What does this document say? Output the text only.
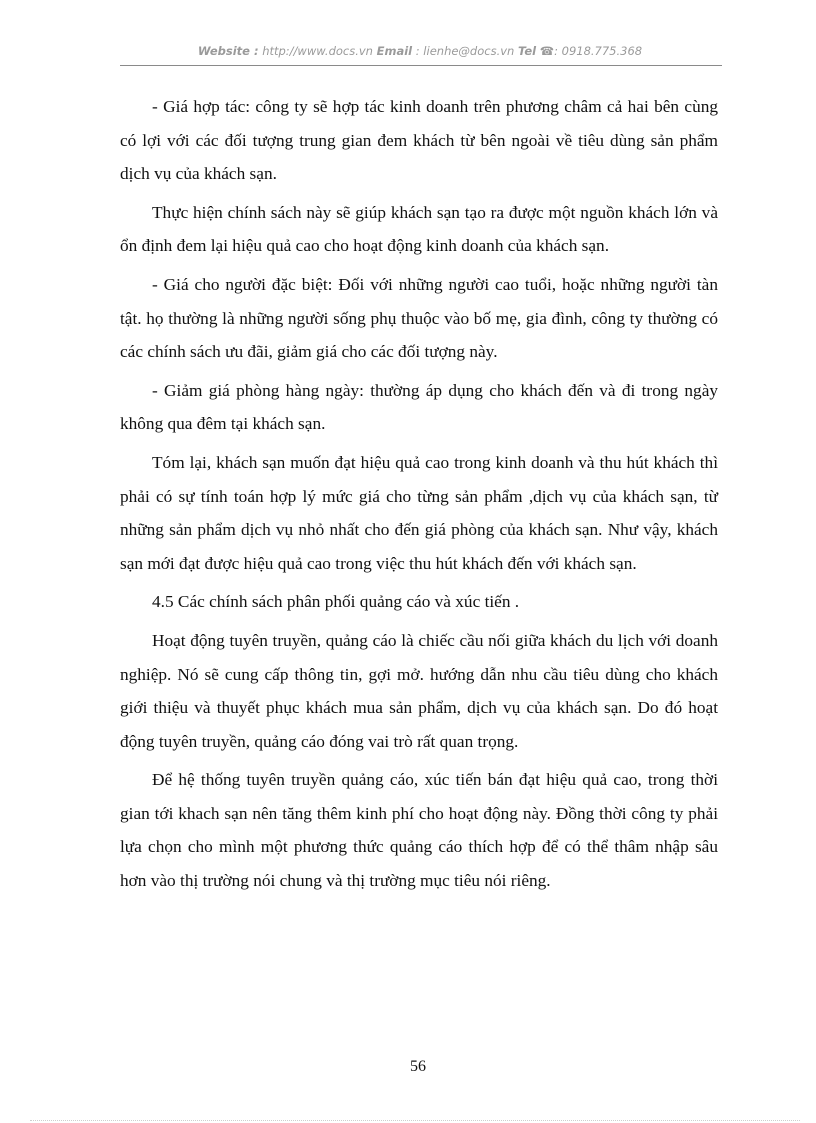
Website : http://www.docs.vn Email : lienhe@docs.vn Tel ☎: 0918.775.368

- Giá hợp tác: công ty sẽ hợp tác kinh doanh trên phương châm cả hai bên cùng có lợi với các đối tượng trung gian đem khách từ bên ngoài về tiêu dùng sản phẩm dịch vụ của khách sạn.

Thực hiện chính sách này sẽ giúp khách sạn tạo ra được một nguồn khách lớn và ổn định đem lại hiệu quả cao cho hoạt động kinh doanh của khách sạn.

- Giá cho người đặc biệt: Đối với những người cao tuổi, hoặc những người tàn tật. họ thường là những người sống phụ thuộc vào bố mẹ, gia đình, công ty thường có các chính sách ưu đãi, giảm giá cho các đối tượng này.

- Giảm giá phòng hàng ngày: thường áp dụng cho khách đến và đi trong ngày không qua đêm tại khách sạn.

Tóm lại, khách sạn muốn đạt hiệu quả cao trong kinh doanh và thu hút khách thì phải có sự tính toán hợp lý mức giá cho từng sản phẩm ,dịch vụ của khách sạn, từ những sản phẩm dịch vụ nhỏ nhất cho đến giá phòng của khách sạn. Như vậy, khách sạn mới đạt được hiệu quả cao trong việc thu hút khách đến với khách sạn.

4.5 Các chính sách phân phối quảng cáo và xúc tiến .

Hoạt động tuyên truyền, quảng cáo là chiếc cầu nối giữa khách du lịch với doanh nghiệp. Nó sẽ cung cấp thông tin, gợi mở. hướng dẫn nhu cầu tiêu dùng cho khách giới thiệu và thuyết phục khách mua sản phẩm, dịch vụ của khách sạn. Do đó hoạt động tuyên truyền, quảng cáo đóng vai trò rất quan trọng.

Để hệ thống tuyên truyền quảng cáo, xúc tiến bán đạt hiệu quả cao, trong thời gian tới khach sạn nên tăng thêm kinh phí cho hoạt động này. Đồng thời công ty phải lựa chọn cho mình một phương thức quảng cáo thích hợp để có thể thâm nhập sâu hơn vào thị trường nói chung và thị trường mục tiêu nói riêng.

56
